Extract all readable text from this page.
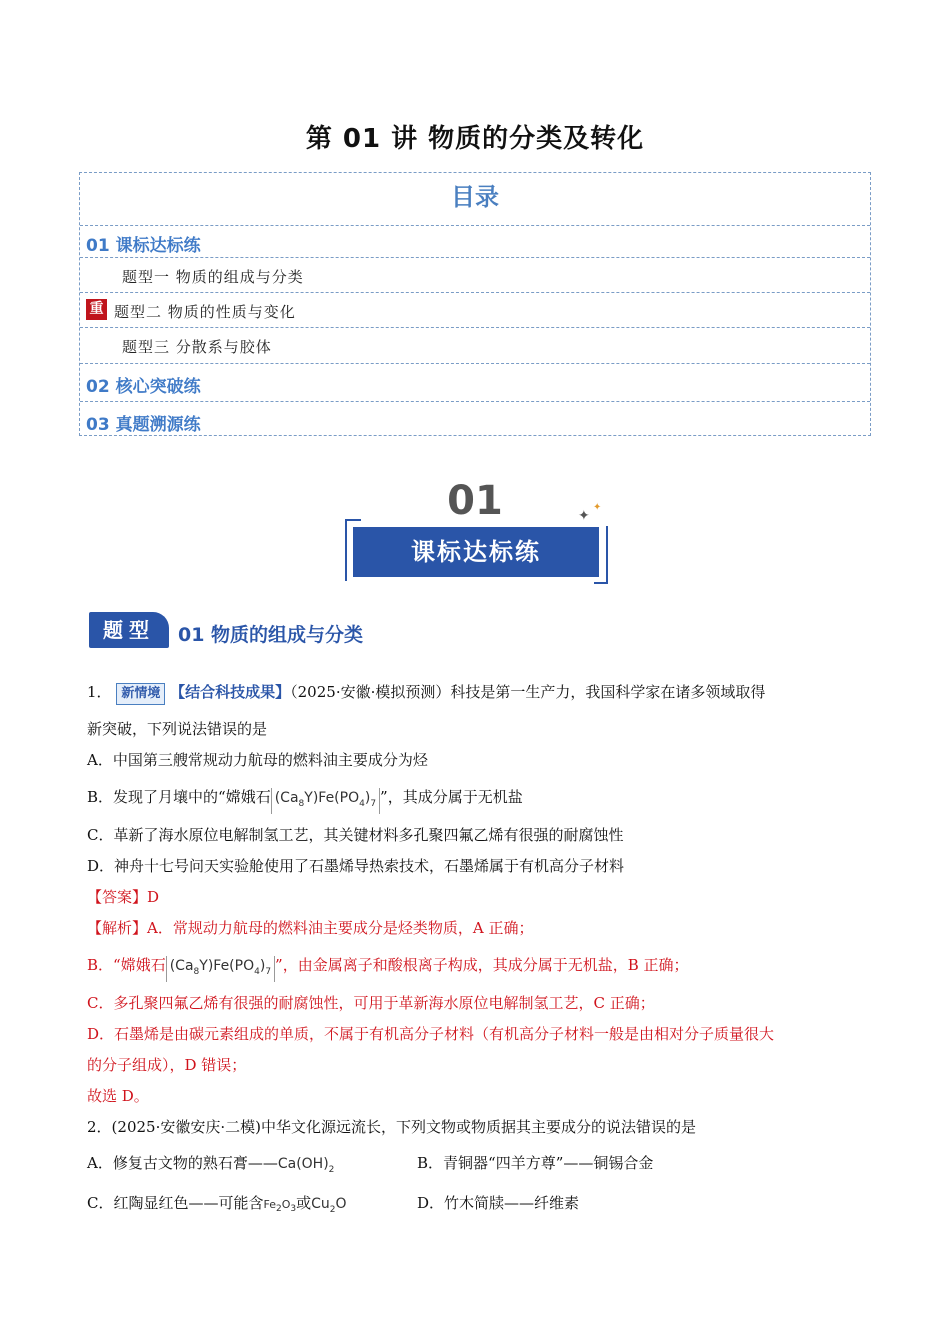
第 01 讲 物质的分类及转化
目录
01 课标达标练
题型一 物质的组成与分类
重 题型二 物质的性质与变化
题型三 分散系与胶体
02 核心突破练
03 真题溯源练
01	✦
✦
课标达标练
题型	01 物质的组成与分类
1． 新情境 【结合科技成果】（2025·安徽·模拟预测）科技是第一生产力，我国科学家在诸多领域取得
新突破，下列说法错误的是
A．中国第三艘常规动力航母的燃料油主要成分为烃
B．发现了月壤中的“嫦娥石 $(Ca_8Y)Fe(PO_4)_7$ ”，其成分属于无机盐
C．革新了海水原位电解制氢工艺，其关键材料多孔聚四氟乙烯有很强的耐腐蚀性
D．神舟十七号问天实验舱使用了石墨烯导热索技术，石墨烯属于有机高分子材料
【答案】D
【解析】A．常规动力航母的燃料油主要成分是烃类物质，A 正确；
B．“嫦娥石 $(Ca_8Y)Fe(PO_4)_7$ ”，由金属离子和酸根离子构成，其成分属于无机盐，B 正确；
C．多孔聚四氟乙烯有很强的耐腐蚀性，可用于革新海水原位电解制氢工艺，C 正确；
D．石墨烯是由碳元素组成的单质，不属于有机高分子材料（有机高分子材料一般是由相对分子质量很大
的分子组成），D 错误；
故选 D。
2．(2025·安徽安庆·二模)中华文化源远流长，下列文物或物质据其主要成分的说法错误的是
A．修复古文物的熟石膏$——Ca(OH)_2$	B．青铜器“四羊方尊”——铜锡合金
C．红陶显红色——可能含$Fe_2O_3$或$Cu_2O$	D．竹木简牍——纤维素
